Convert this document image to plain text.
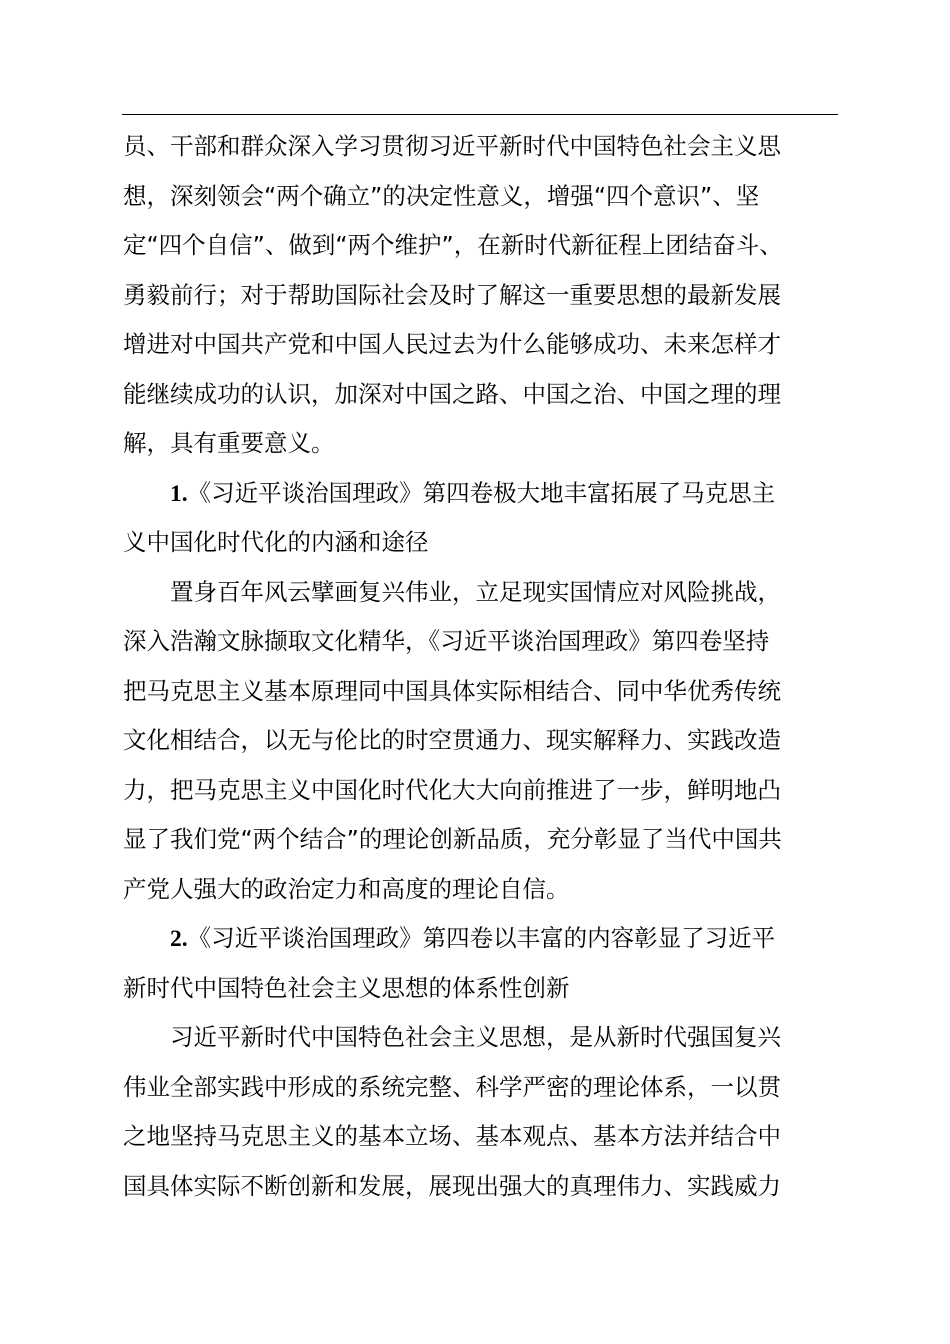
员、干部和群众深入学习贯彻习近平新时代中国特色社会主义思
想，深刻领会“两个确立”的决定性意义，增强“四个意识”、坚
定“四个自信”、做到“两个维护”，在新时代新征程上团结奋斗、
勇毅前行；对于帮助国际社会及时了解这一重要思想的最新发展
增进对中国共产党和中国人民过去为什么能够成功、未来怎样才
能继续成功的认识，加深对中国之路、中国之治、中国之理的理
解，具有重要意义。
1.《习近平谈治国理政》第四卷极大地丰富拓展了马克思主
义中国化时代化的内涵和途径
置身百年风云擘画复兴伟业，立足现实国情应对风险挑战，
深入浩瀚文脉撷取文化精华，《习近平谈治国理政》第四卷坚持
把马克思主义基本原理同中国具体实际相结合、同中华优秀传统
文化相结合，以无与伦比的时空贯通力、现实解释力、实践改造
力，把马克思主义中国化时代化大大向前推进了一步，鲜明地凸
显了我们党“两个结合”的理论创新品质，充分彰显了当代中国共
产党人强大的政治定力和高度的理论自信。
2.《习近平谈治国理政》第四卷以丰富的内容彰显了习近平
新时代中国特色社会主义思想的体系性创新
习近平新时代中国特色社会主义思想，是从新时代强国复兴
伟业全部实践中形成的系统完整、科学严密的理论体系，一以贯
之地坚持马克思主义的基本立场、基本观点、基本方法并结合中
国具体实际不断创新和发展，展现出强大的真理伟力、实践威力
